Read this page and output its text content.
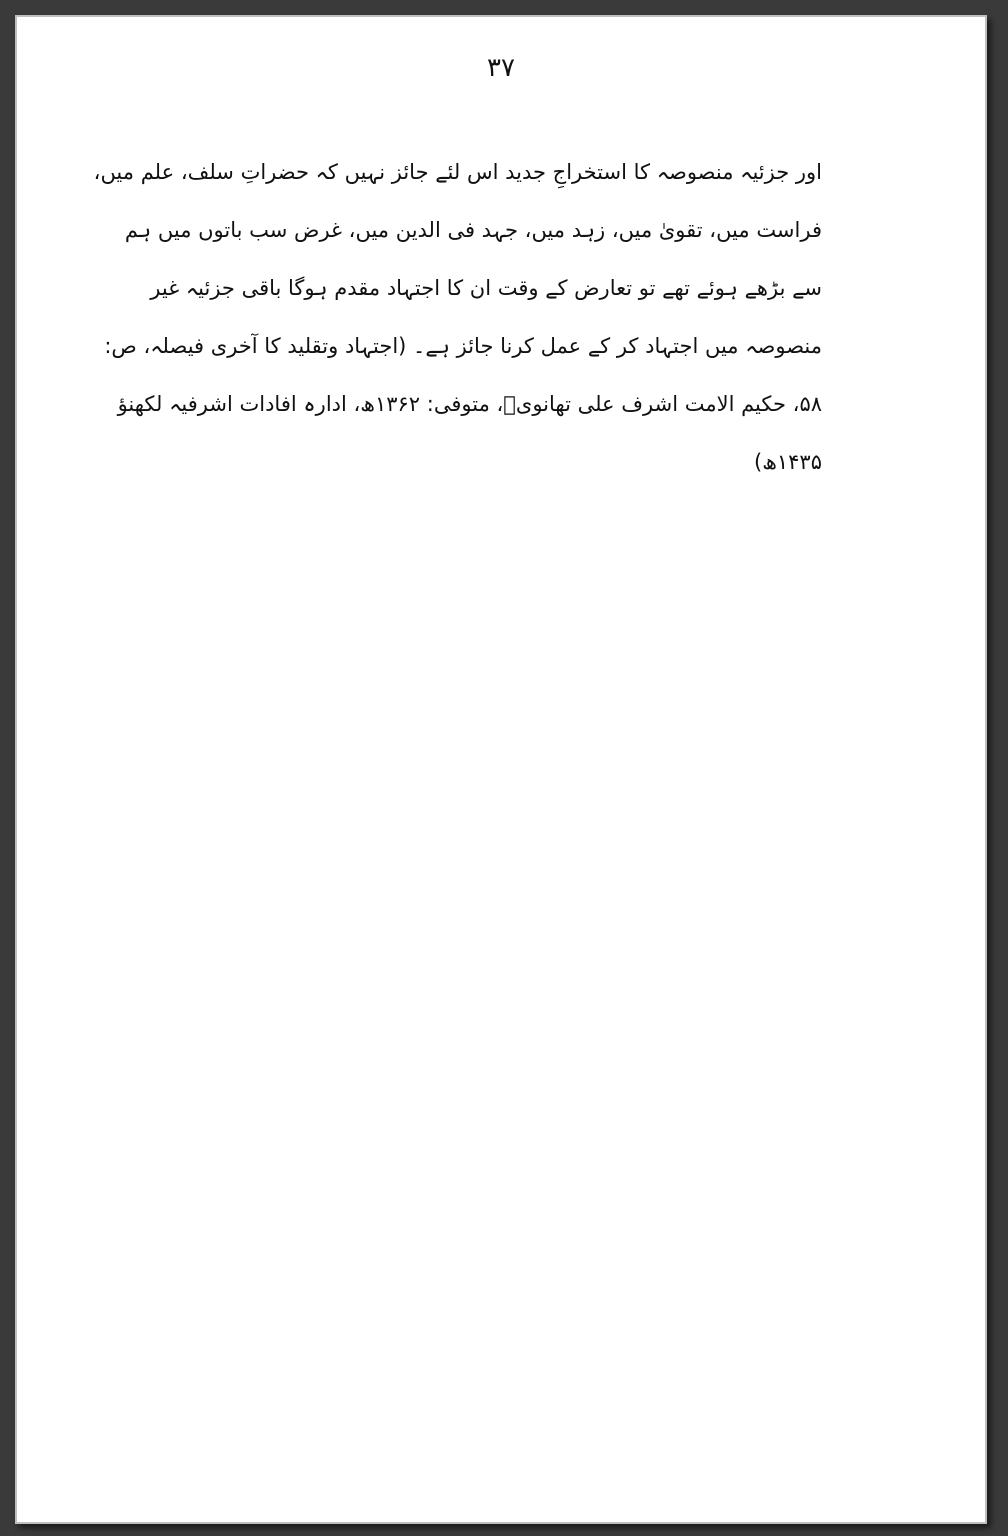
۳۷
اور جزئیہ منصوصہ کا استخراجِ جدید اس لئے جائز نہیں کہ حضراتِ سلف، علم میں،
فراست میں، تقویٰ میں، زہد میں، جہد فی الدین میں، غرض سب باتوں میں ہم
سے بڑھے ہوئے تھے تو تعارض کے وقت ان کا اجتہاد مقدم ہوگا باقی جزئیہ غیر
منصوصہ میں اجتہاد کر کے عمل کرنا جائز ہے۔ (اجتہاد وتقلید کا آخری فیصلہ، ص:
۵۸، حکیم الامت اشرف علی تھانویؒ، متوفی: ۱۳۶۲ھ، ادارہ افادات اشرفیہ لکھنؤ
۱۴۳۵ھ)
